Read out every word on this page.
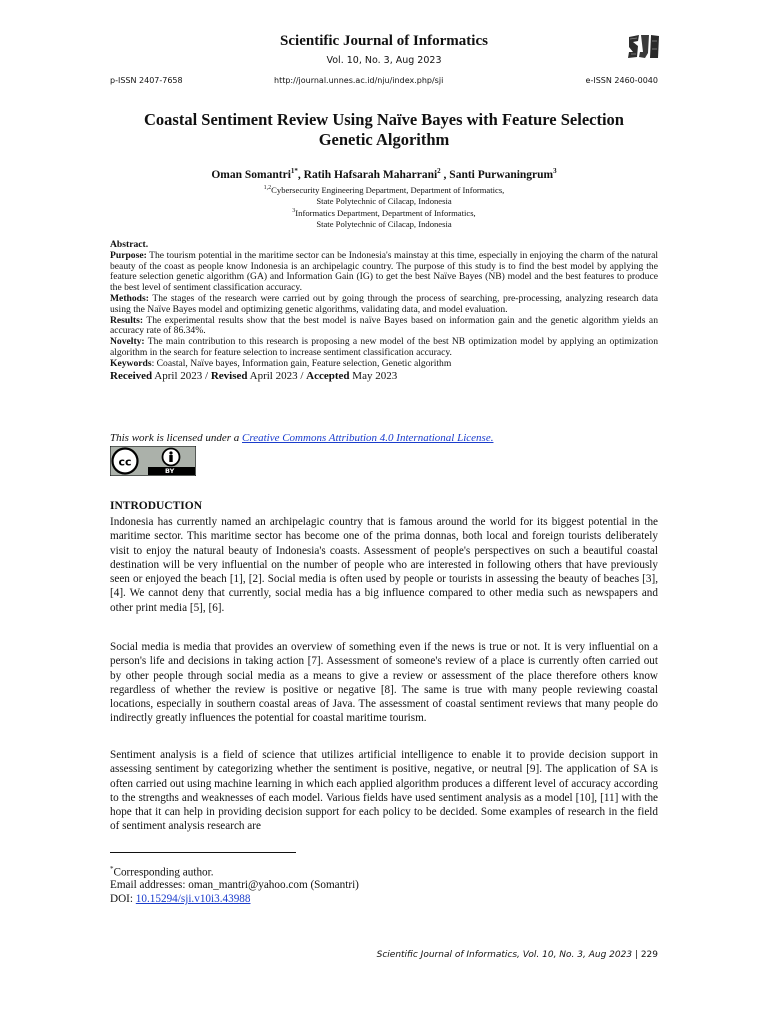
Scientific Journal of Informatics
Vol. 10, No. 3, Aug 2023
p-ISSN 2407-7658	http://journal.unnes.ac.id/nju/index.php/sji	e-ISSN 2460-0040
Coastal Sentiment Review Using Naïve Bayes with Feature Selection
Genetic Algorithm
Oman Somantri$^{1*}$, Ratih Hafsarah Maharrani$^2$ , Santi Purwaningrum$^3$
$^{1,2}$Cybersecurity Engineering Department, Department of Informatics,
State Polytechnic of Cilacap, Indonesia
$^3$Informatics Department, Department of Informatics,
State Polytechnic of Cilacap, Indonesia

Abstract.

Purpose: The tourism potential in the maritime sector can be Indonesia's mainstay at this time, especially in enjoying the charm of the natural beauty of the coast as people know Indonesia is an archipelagic country. The purpose of this study is to find the best model by applying the feature selection genetic algorithm (GA) and Information Gain (IG) to get the best Naïve Bayes (NB) model and the best features to produce the best level of sentiment classification accuracy.

Methods: The stages of the research were carried out by going through the process of searching, pre-processing, analyzing research data using the Naïve Bayes model and optimizing genetic algorithms, validating data, and model evaluation.

Results: The experimental results show that the best model is naïve Bayes based on information gain and the genetic algorithm yields an accuracy rate of 86.34%.

Novelty: The main contribution to this research is proposing a new model of the best NB optimization model by applying an optimization algorithm in the search for feature selection to increase sentiment classification accuracy.

Keywords: Coastal, Naïve bayes, Information gain, Feature selection, Genetic algorithm

Received April 2023 / Revised April 2023 / Accepted May 2023

This work is licensed under a Creative Commons Attribution 4.0 International License.
cc
BY
INTRODUCTION

Indonesia has currently named an archipelagic country that is famous around the world for its biggest potential in the maritime sector. This maritime sector has become one of the prima donnas, both local and foreign tourists deliberately visit to enjoy the natural beauty of Indonesia's coasts. Assessment of people's perspectives on such a beautiful coastal destination will be very influential on the number of people who are interested in following others that have previously seen or enjoyed the beach [1], [2]. Social media is often used by people or tourists in assessing the beauty of beaches [3],[4]. We cannot deny that currently, social media has a big influence compared to other media such as newspapers and other print media [5], [6].

Social media is media that provides an overview of something even if the news is true or not. It is very influential on a person's life and decisions in taking action [7]. Assessment of someone's review of a place is currently often carried out by other people through social media as a means to give a review or assessment of the place therefore others know regardless of whether the review is positive or negative [8]. The same is true with many people reviewing coastal locations, especially in southern coastal areas of Java. The assessment of coastal sentiment reviews that many people do indirectly greatly influences the potential for coastal maritime tourism.

Sentiment analysis is a field of science that utilizes artificial intelligence to enable it to provide decision support in assessing sentiment by categorizing whether the sentiment is positive, negative, or neutral [9]. The application of SA is often carried out using machine learning in which each applied algorithm produces a different level of accuracy according to the strengths and weaknesses of each model. Various fields have used sentiment analysis as a model [10], [11] with the hope that it can help in providing decision support for each policy to be decided. Some examples of research in the field of sentiment analysis research are

*Corresponding author.
Email addresses: oman_mantri@yahoo.com (Somantri)
DOI: 10.15294/sji.v10i3.43988
Scientific Journal of Informatics, Vol. 10, No. 3, Aug 2023 | 229
